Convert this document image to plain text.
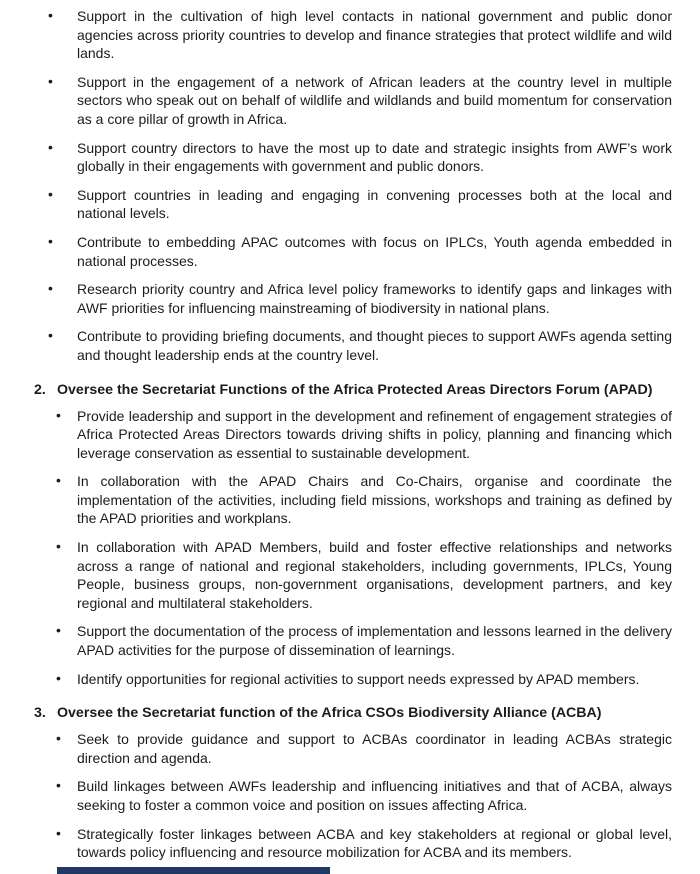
• Support in the cultivation of high level contacts in national government and public donor agencies across priority countries to develop and finance strategies that protect wildlife and wild lands.
• Support in the engagement of a network of African leaders at the country level in multiple sectors who speak out on behalf of wildlife and wildlands and build momentum for conservation as a core pillar of growth in Africa.
• Support country directors to have the most up to date and strategic insights from AWF’s work globally in their engagements with government and public donors.
• Support countries in leading and engaging in convening processes both at the local and national levels.
• Contribute to embedding APAC outcomes with focus on IPLCs, Youth agenda embedded in national processes.
• Research priority country and Africa level policy frameworks to identify gaps and linkages with AWF priorities for influencing mainstreaming of biodiversity in national plans.
• Contribute to providing briefing documents, and thought pieces to support AWFs agenda setting and thought leadership ends at the country level.
2. Oversee the Secretariat Functions of the Africa Protected Areas Directors Forum (APAD)
• Provide leadership and support in the development and refinement of engagement strategies of Africa Protected Areas Directors towards driving shifts in policy, planning and financing which leverage conservation as essential to sustainable development.
• In collaboration with the APAD Chairs and Co-Chairs, organise and coordinate the implementation of the activities, including field missions, workshops and training as defined by the APAD priorities and workplans.
• In collaboration with APAD Members, build and foster effective relationships and networks across a range of national and regional stakeholders, including governments, IPLCs, Young People, business groups, non-government organisations, development partners, and key regional and multilateral stakeholders.
• Support the documentation of the process of implementation and lessons learned in the delivery APAD activities for the purpose of dissemination of learnings.
• Identify opportunities for regional activities to support needs expressed by APAD members.
3. Oversee the Secretariat function of the Africa CSOs Biodiversity Alliance (ACBA)
• Seek to provide guidance and support to ACBAs coordinator in leading ACBAs strategic direction and agenda.
• Build linkages between AWFs leadership and influencing initiatives and that of ACBA, always seeking to foster a common voice and position on issues affecting Africa.
• Strategically foster linkages between ACBA and key stakeholders at regional or global level, towards policy influencing and resource mobilization for ACBA and its members.
